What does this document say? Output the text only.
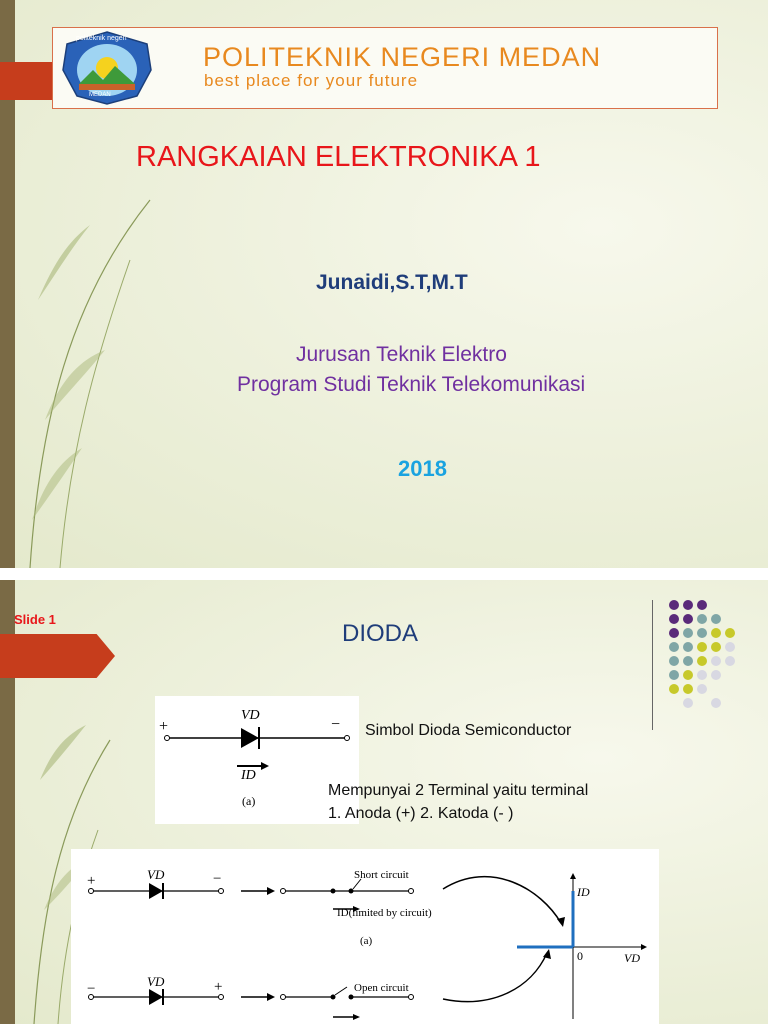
politeknik negeri
MEDAN
POLITEKNIK NEGERI MEDAN
best place for your future
RANGKAIAN ELEKTRONIKA 1
Junaidi,S.T,M.T
Jurusan Teknik Elektro
Program Studi Teknik Telekomunikasi
2018
Slide 1
DIODA
+	−
VD
ID
(a)
Simbol Dioda Semiconductor
Mempunyai 2 Terminal yaitu terminal
1. Anoda (+) 2. Katoda (- )
+	−
VD	Short circuit
ID(limited by circuit)
(a)
ID
0	VD
−	+
VD	Open circuit
